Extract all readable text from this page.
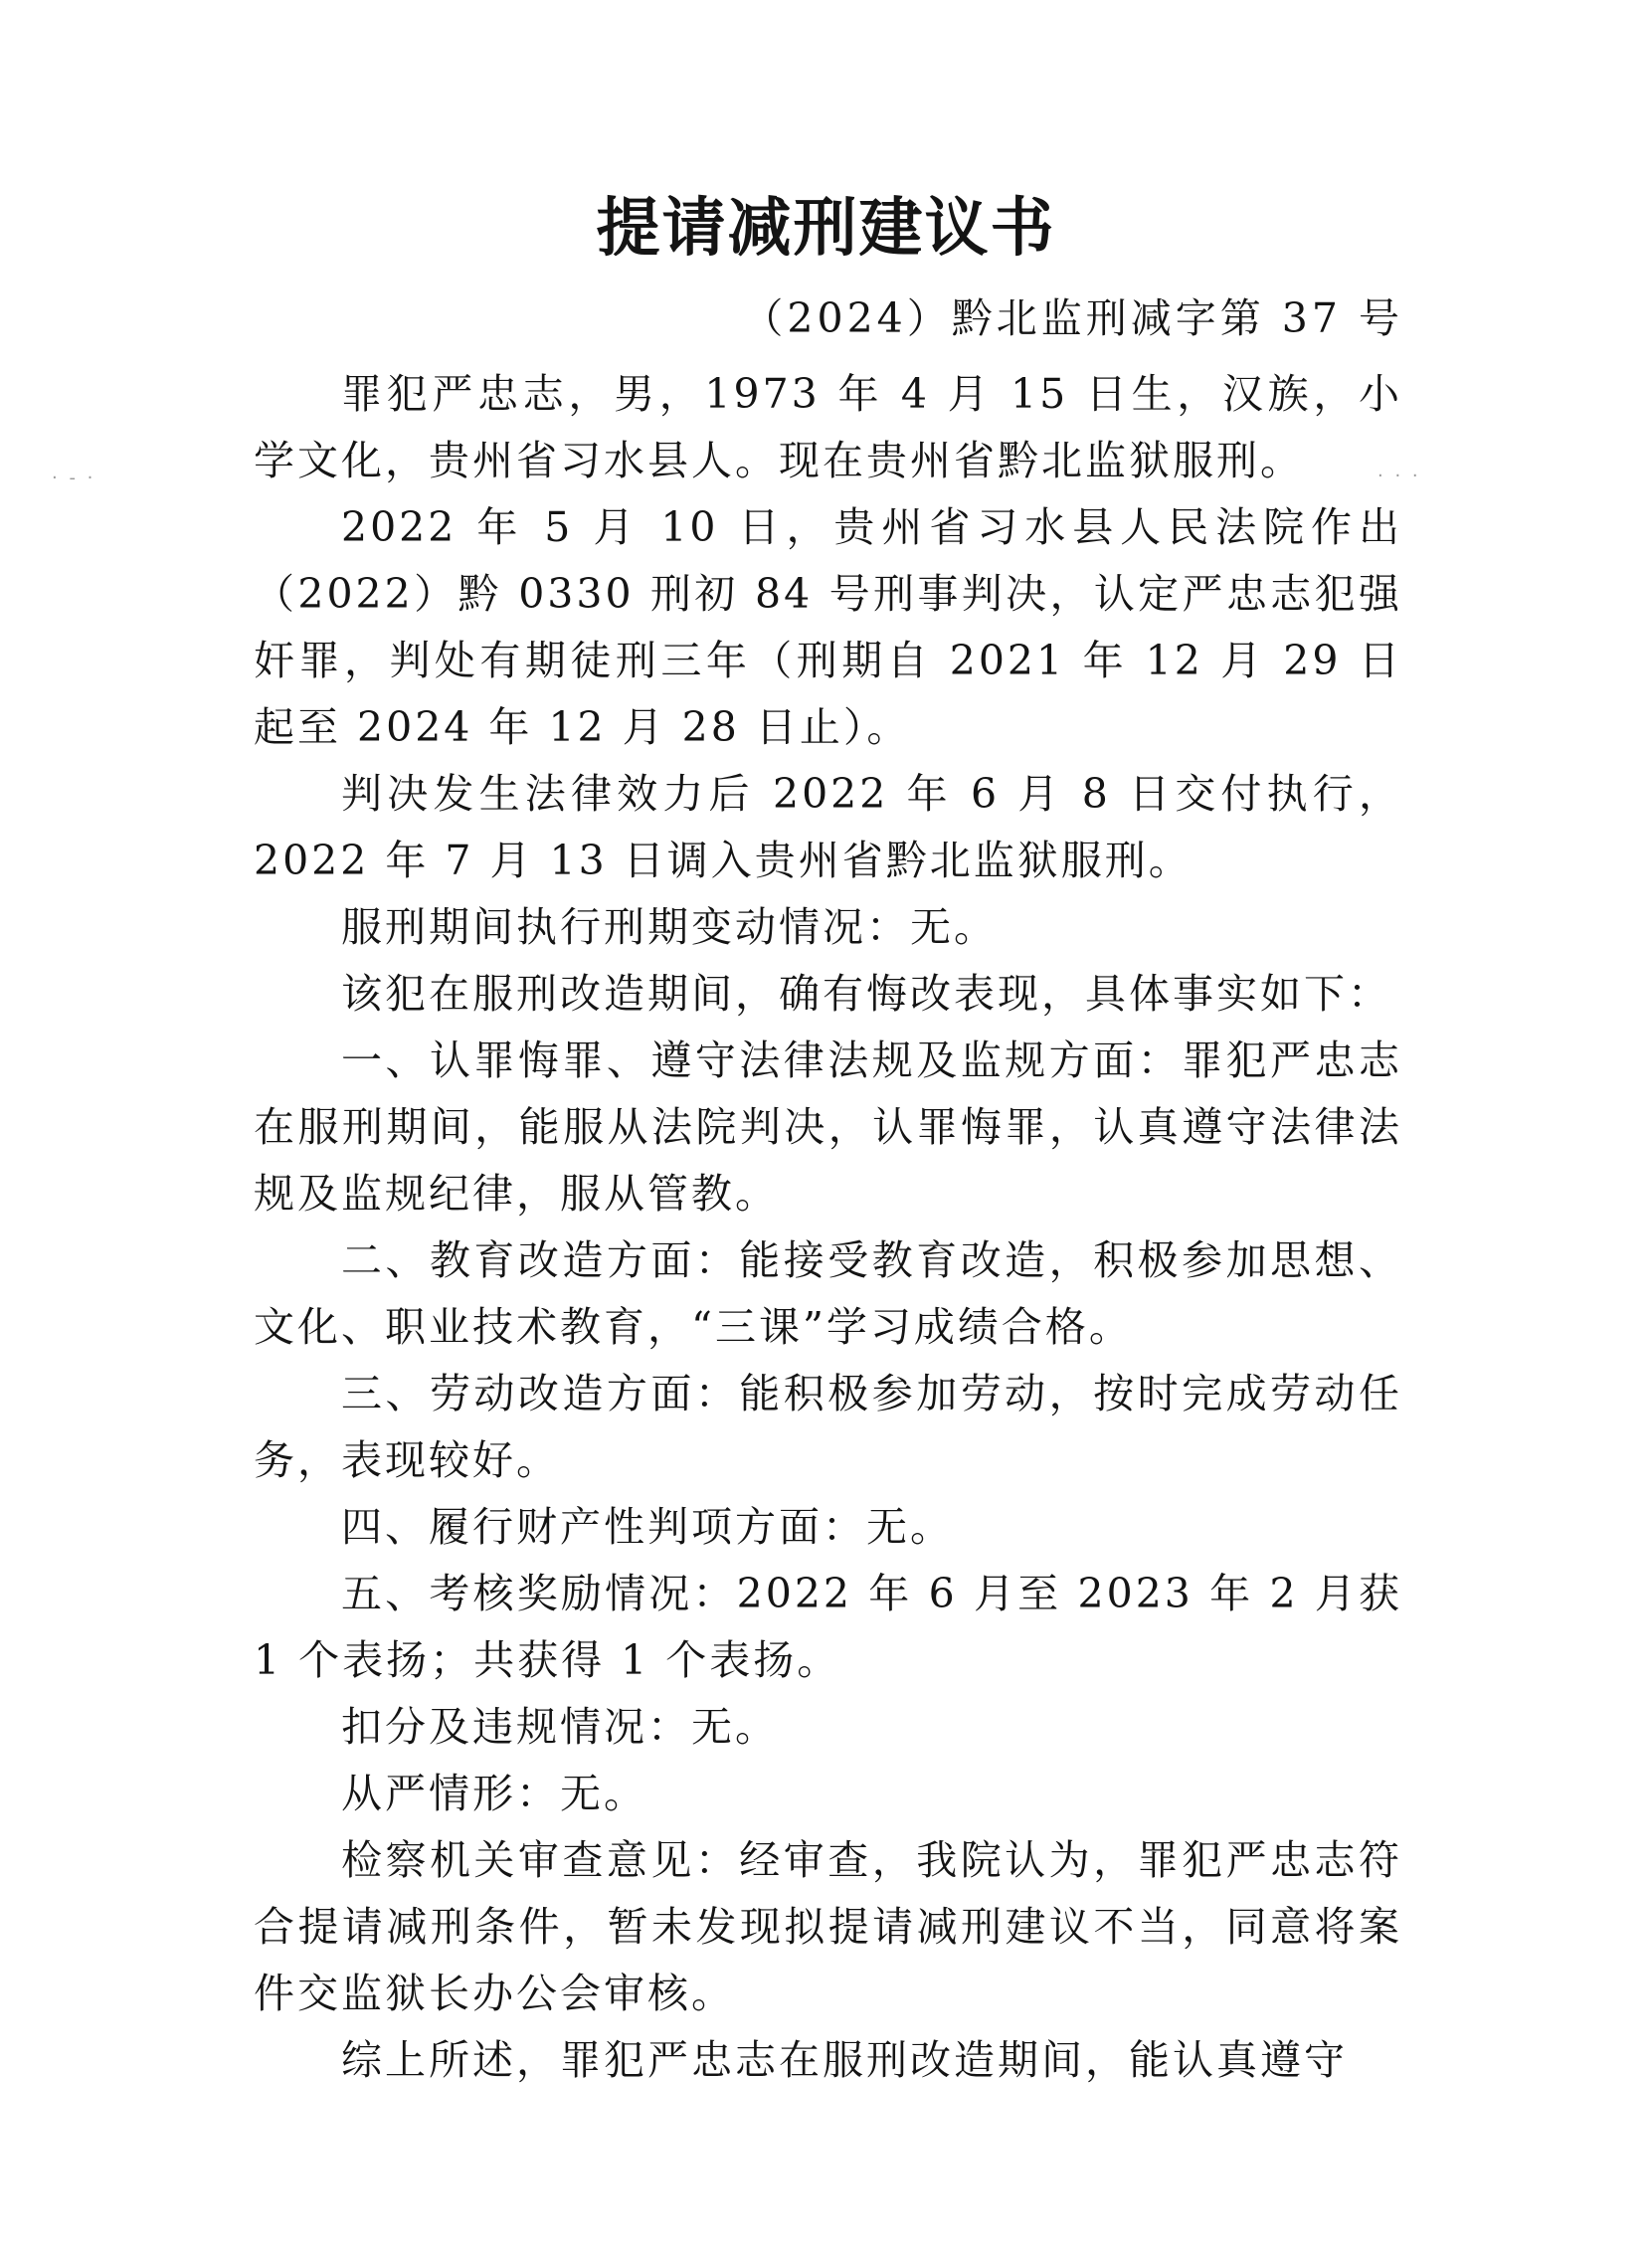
· ‐ ·	· · ·
提请减刑建议书

（2024）黔北监刑减字第 37 号

罪犯严忠志，男，1973 年 4 月 15 日生，汉族，小学文化，贵州省习水县人。现在贵州省黔北监狱服刑。

2022 年 5 月 10 日，贵州省习水县人民法院作出（2022）黔 0330 刑初 84 号刑事判决，认定严忠志犯强奸罪，判处有期徒刑三年（刑期自 2021 年 12 月 29 日起至 2024 年 12 月 28 日止）。

判决发生法律效力后 2022 年 6 月 8 日交付执行，2022 年 7 月 13 日调入贵州省黔北监狱服刑。

服刑期间执行刑期变动情况：无。

该犯在服刑改造期间，确有悔改表现，具体事实如下：

一、认罪悔罪、遵守法律法规及监规方面：罪犯严忠志在服刑期间，能服从法院判决，认罪悔罪，认真遵守法律法规及监规纪律，服从管教。

二、教育改造方面：能接受教育改造，积极参加思想、文化、职业技术教育，“三课”学习成绩合格。

三、劳动改造方面：能积极参加劳动，按时完成劳动任务，表现较好。

四、履行财产性判项方面：无。

五、考核奖励情况：2022 年 6 月至 2023 年 2 月获 1 个表扬；共获得 1 个表扬。

扣分及违规情况：无。

从严情形：无。

检察机关审查意见：经审查，我院认为，罪犯严忠志符合提请减刑条件，暂未发现拟提请减刑建议不当，同意将案件交监狱长办公会审核。

综上所述，罪犯严忠志在服刑改造期间，能认真遵守
